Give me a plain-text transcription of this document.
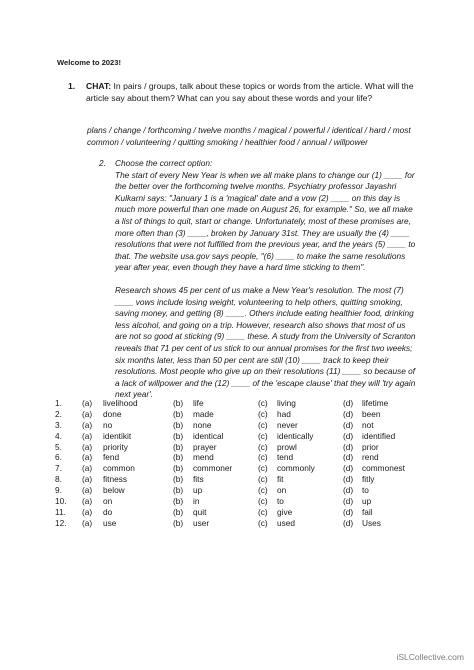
Welcome to 2023!
1. CHAT: In pairs / groups, talk about these topics or words from the article. What will the article say about them? What can you say about these words and your life?
plans / change / forthcoming / twelve months / magical / powerful / identical / hard / most common / volunteering / quitting smoking / healthier food / annual / willpower
2. Choose the correct option:

The start of every New Year is when we all make plans to change our (1) ____ for the better over the forthcoming twelve months. Psychiatry professor Jayashri Kulkarni says: "January 1 is a 'magical' date and a vow (2) ____ on this day is much more powerful than one made on August 26, for example." So, we all make a list of things to quit, start or change. Unfortunately, most of these promises are, more often than (3) ____, broken by January 31st. They are usually the (4) ____ resolutions that were not fulfilled from the previous year, and the years (5) ____ to that. The website usa.gov says people, "(6) ____ to make the same resolutions year after year, even though they have a hard time sticking to them".

Research shows 45 per cent of us make a New Year's resolution. The most (7) ____ vows include losing weight, volunteering to help others, quitting smoking, saving money, and getting (8) ____. Others include eating healthier food, drinking less alcohol, and going on a trip. However, research also shows that most of us are not so good at sticking (9) ____ these. A study from the University of Scranton reveals that 71 per cent of us stick to our annual promises for the first two weeks; six months later, less than 50 per cent are still (10) ____ track to keep their resolutions. Most people who give up on their resolutions (11) ____ so because of a lack of willpower and the (12) ____ of the 'escape clause' that they will 'try again next year'.

1. (a) livelihood	(b) life	(c) living	(d) lifetime
2. (a) done	(b) made	(c) had	(d) been
3. (a) no	(b) none	(c) never	(d) not
4. (a) identikit	(b) identical	(c) identically	(d) identified
5. (a) priority	(b) prayer	(c) prowl	(d) prior
6. (a) fend	(b) mend	(c) tend	(d) rend
7. (a) common	(b) commoner	(c) commonly	(d) commonest
8. (a) fitness	(b) fits	(c) fit	(d) fitly
9. (a) below	(b) up	(c) on	(d) to
10. (a) on	(b) in	(c) to	(d) up
11. (a) do	(b) quit	(c) give	(d) fail
12. (a) use	(b) user	(c) used	(d) Uses
iSLCollective.com
